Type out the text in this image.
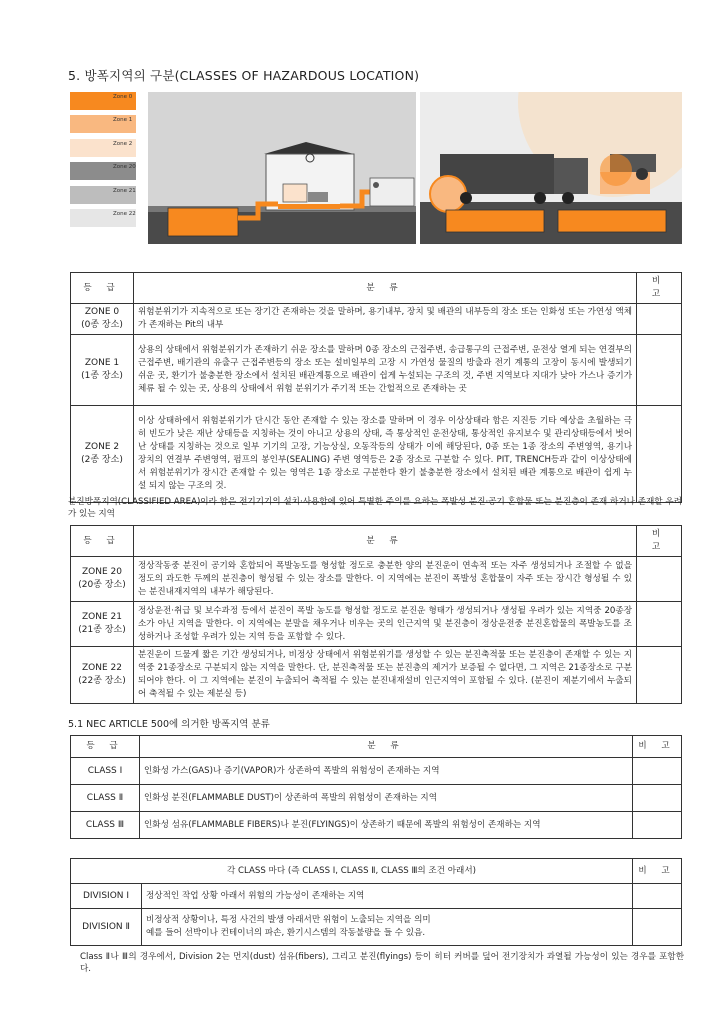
5. 방폭지역의 구분(CLASSES OF HAZARDOUS LOCATION)
Zone 0
Zone 1
Zone 2
Zone 20
Zone 21
Zone 22
등 급	분 류	비 고
ZONE 0
(0종 장소)	위험분위기가 지속적으로 또는 장기간 존재하는 것을 말하며, 용기내부, 장치 및 배관의 내부등의 장소 또는 인화성 또는 가연성 액체가 존재하는 Pit의 내부	
ZONE 1
(1종 장소)	상용의 상태에서 위험분위기가 존재하기 쉬운 장소를 말하며 0종 장소의 근접주변, 송급통구의 근접주변, 운전상 열게 되는 연결부의 근접주변, 배기관의 유출구 근접주변등의 장소 또는 설비일부의 고장 시 가연성 물질의 방출과 전기 계통의 고장이 동시에 발생되기 쉬운 곳, 환기가 불충분한 장소에서 설치된 배관계통으로 배관이 쉽게 누설되는 구조의 것, 주변 지역보다 지대가 낮아 가스나 증기가 체류 될 수 있는 곳, 상용의 상태에서 위험 분위기가 주기적 또는 간헐적으로 존재하는 곳	
ZONE 2
(2종 장소)	이상 상태하에서 위험분위기가 단시간 동안 존재할 수 있는 장소를 말하며 이 경우 이상상태라 함은 지진등 기타 예상을 초월하는 극히 빈도가 낮은 재난 상태등을 지칭하는 것이 아니고 상용의 상태, 즉 통상적인 운전상태, 통상적인 유지보수 및 관리상태등에서 벗어난 상태를 지칭하는 것으로 일부 기기의 고장, 기능상실, 오동작등의 상태가 이에 해당된다, 0종 또는 1종 장소의 주변영역, 용기나 장치의 연결부 주변영역, 펌프의 봉인부(SEALING) 주변 영역등은 2종 장소로 구분할 수 있다. PIT, TRENCH등과 같이 이상상태에서 위험분위기가 장시간 존재할 수 있는 영역은 1종 장소로 구분한다 환기 불충분한 장소에서 설치된 배관 계통으로 배관이 쉽게 누설 되지 않는 구조의 것.	
분진방폭지역(CLASSIFIED AREA)이라 함은 전기기기의 설치·사용함에 있어 특별한 주의를 요하는 폭발성 분진·공기 혼합물 또는 분진층이 존재 하거나 존재할 우려가 있는 지역
등 급	분 류	비 고
ZONE 20
(20종 장소)	정상작동중 분진이 공기와 혼합되어 폭발농도를 형성할 정도로 충분한 양의 분진운이 연속적 또는 자주 생성되거나 조절할 수 없을 정도의 과도한 두께의 분진층이 형성될 수 있는 장소를 말한다. 이 지역에는 분진이 폭발성 혼합물이 자주 또는 장시간 형성될 수 있는 분진내재지역의 내부가 해당된다.	
ZONE 21
(21종 장소)	정상운전·취급 및 보수과정 등에서 분진이 폭발 농도를 형성할 정도로 분진운 형태가 생성되거나 생성될 우려가 있는 지역중 20종장소가 아닌 지역을 말한다. 이 지역에는 분말을 채우거나 비우는 곳의 인근지역 및 분진층이 정상운전중 분진혼합물의 폭발농도를 조성하거나 조성할 우려가 있는 지역 등을 포함할 수 있다.	
ZONE 22
(22종 장소)	분진운이 드물게 짧은 기간 생성되거나, 비정상 상태에서 위험분위기를 생성할 수 있는 분진축적물 또는 분진층이 존재할 수 있는 지역중 21종장소로 구분되지 않는 지역을 말한다. 단, 분진축적물 또는 분진층의 제거가 보증될 수 없다면, 그 지역은 21종장소로 구분되어야 한다. 이 그 지역에는 분진이 누출되어 축적될 수 있는 분진내재설비 인근지역이 포함될 수 있다. (분진이 제분기에서 누출되어 축적될 수 있는 제분실 등)	
5.1 NEC ARTICLE 500에 의거한 방폭지역 분류
등 급	분 류	비 고
CLASS Ⅰ	인화성 가스(GAS)나 증기(VAPOR)가 상존하여 폭발의 위험성이 존재하는 지역	
CLASS Ⅱ	인화성 분진(FLAMMABLE DUST)이 상존하여 폭발의 위험성이 존재하는 지역	
CLASS Ⅲ	인화성 섬유(FLAMMABLE FIBERS)나 분진(FLYINGS)이 상존하기 때문에 폭발의 위험성이 존재하는 지역	
각 CLASS 마다 (즉 CLASS Ⅰ, CLASS Ⅱ, CLASS Ⅲ의 조건 아래서)		비 고
DIVISION Ⅰ	정상적인 작업 상황 아래서 위험의 가능성이 존재하는 지역	
DIVISION Ⅱ	비정상적 상황이나, 특정 사건의 발생 아래서만 위험이 노출되는 지역을 의미
예를 들어 선박이나 컨테이너의 파손, 환기시스템의 작동불량을 들 수 있음.	
Class Ⅱ나 Ⅲ의 경우에서, Division 2는 먼지(dust) 섬유(fibers), 그리고 분진(flyings) 등이 히터 커버를 덮어 전기장치가 과열될 가능성이 있는 경우를 포함한다.
